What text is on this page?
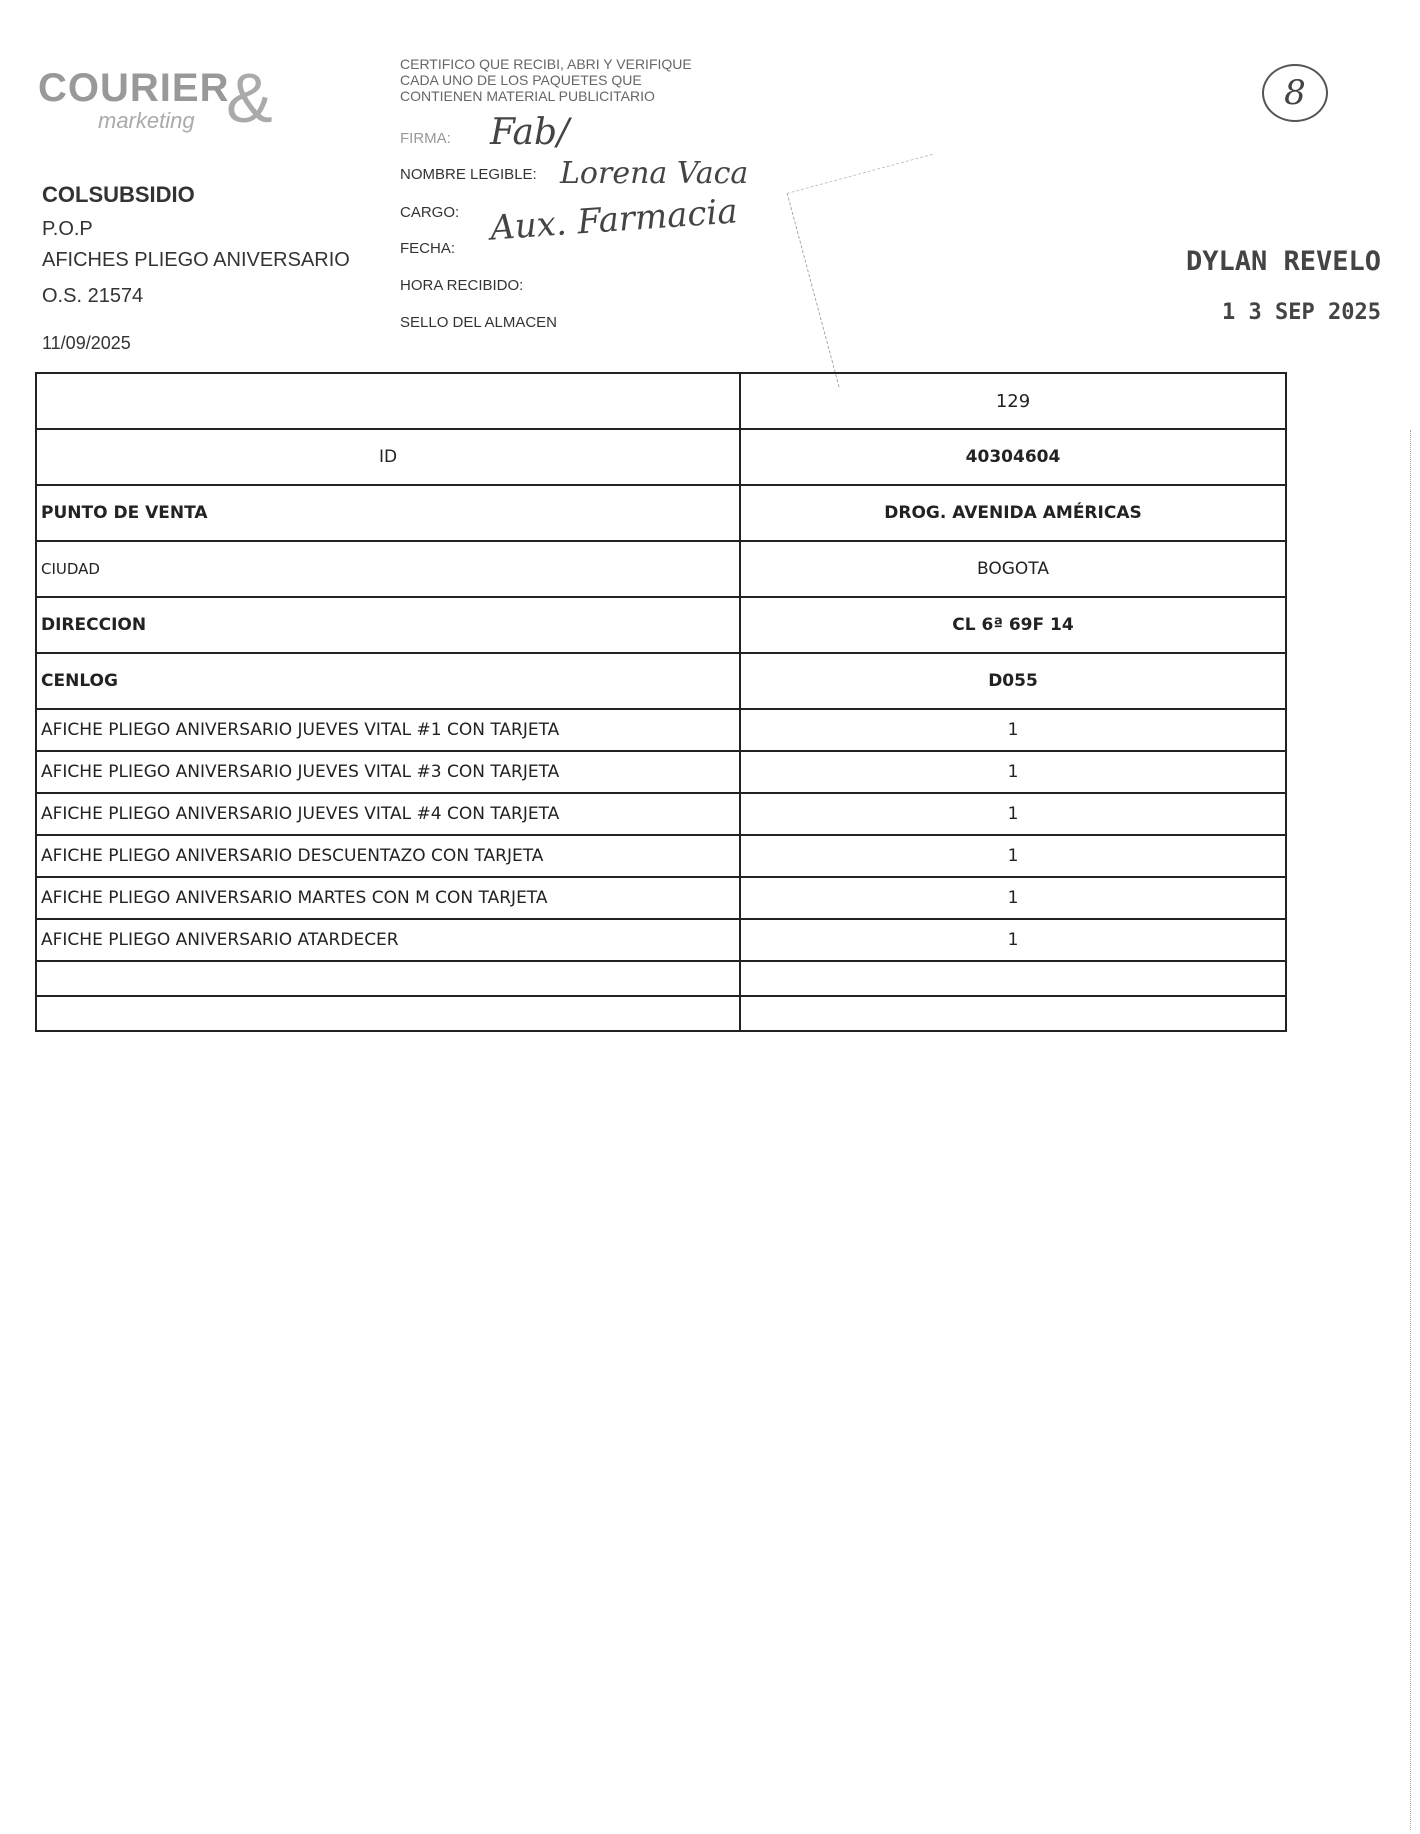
COURIER
marketing &
COLSUBSIDIO
P.O.P
AFICHES PLIEGO ANIVERSARIO
O.S. 21574
11/09/2025
CERTIFICO QUE RECIBI, ABRI Y VERIFIQUE
CADA UNO DE LOS PAQUETES QUE
CONTIENEN MATERIAL PUBLICITARIO
FIRMA:
NOMBRE LEGIBLE:
CARGO:
FECHA:
HORA RECIBIDO:
SELLO DEL ALMACEN
Fab/
Lorena Vaca
Aux. Farmacia
8
DYLAN REVELO
1 3 SEP 2025
	129
ID	40304604
PUNTO DE VENTA	DROG. AVENIDA AMÉRICAS
CIUDAD	BOGOTA
DIRECCION	CL 6ª 69F 14
CENLOG	D055
AFICHE PLIEGO ANIVERSARIO JUEVES VITAL #1 CON TARJETA	1
AFICHE PLIEGO ANIVERSARIO JUEVES VITAL #3 CON TARJETA	1
AFICHE PLIEGO ANIVERSARIO JUEVES VITAL #4 CON TARJETA	1
AFICHE PLIEGO ANIVERSARIO DESCUENTAZO CON TARJETA	1
AFICHE PLIEGO ANIVERSARIO MARTES CON M CON TARJETA	1
AFICHE PLIEGO ANIVERSARIO ATARDECER	1
